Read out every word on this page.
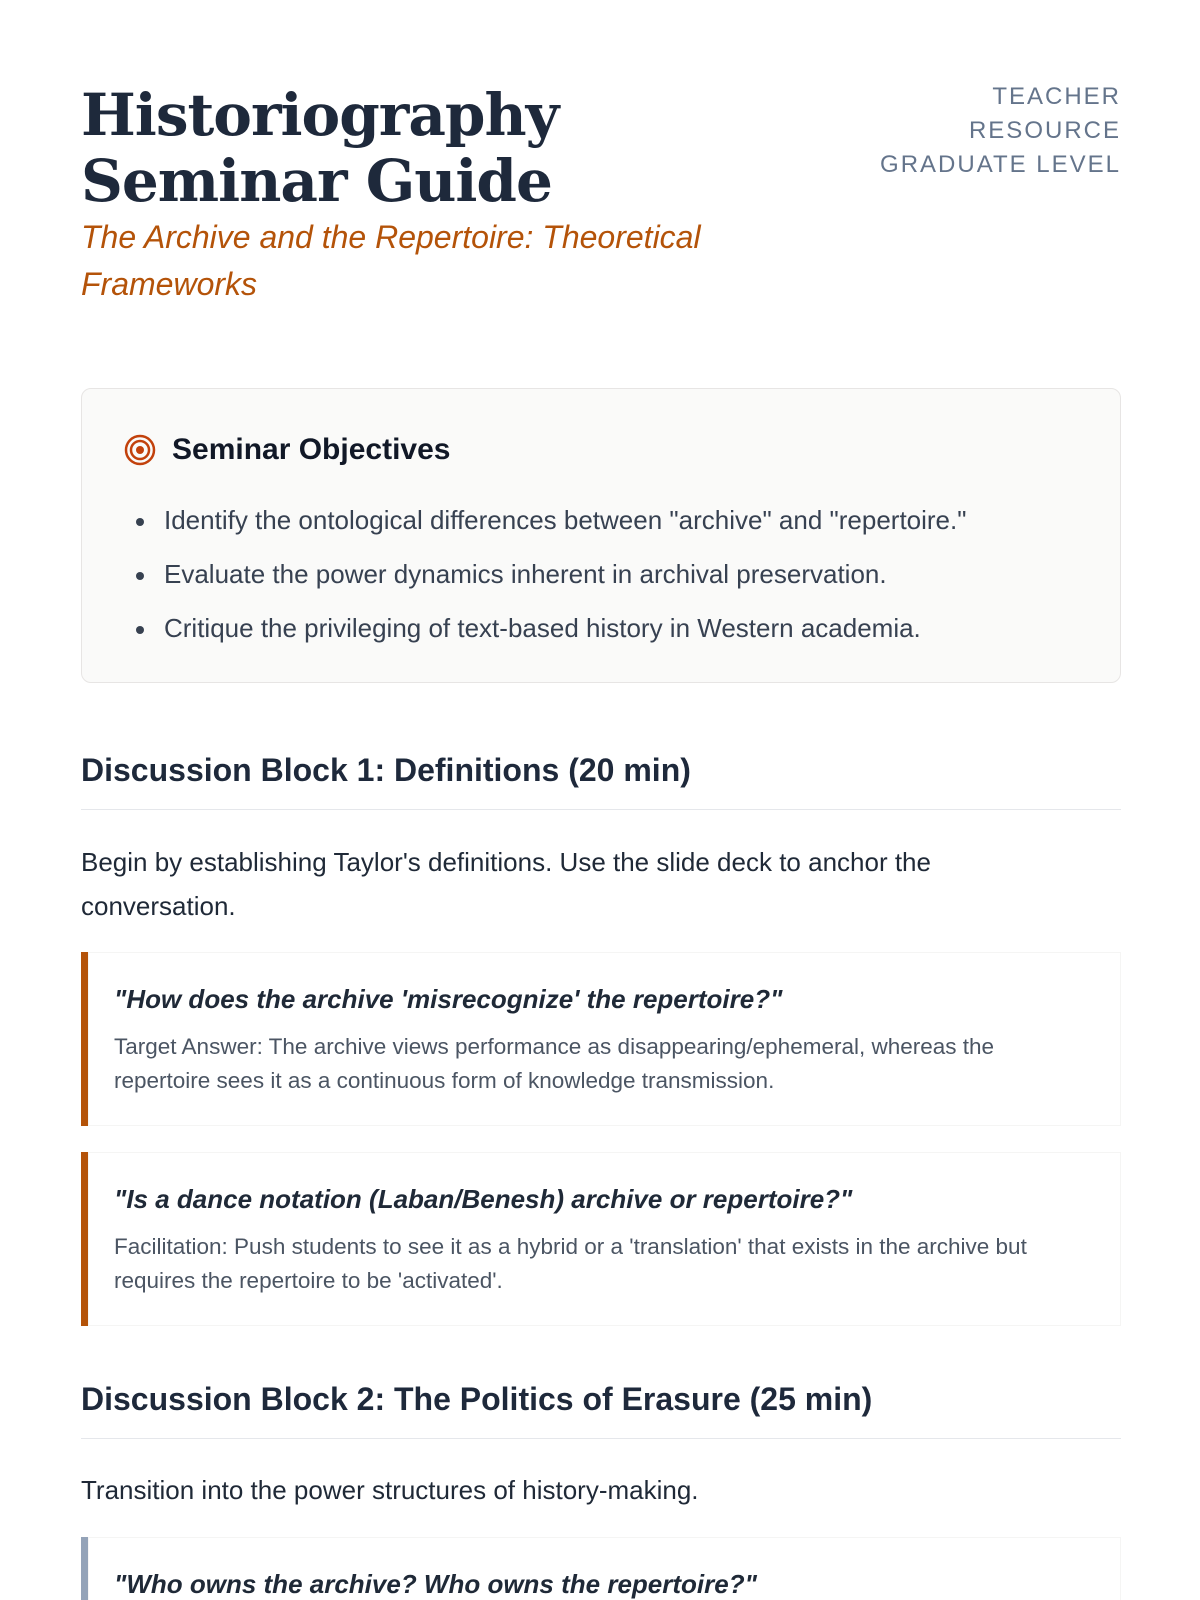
Historiography Seminar Guide
The Archive and the Repertoire: Theoretical Frameworks
TEACHER
RESOURCE
GRADUATE LEVEL
Seminar Objectives
Identify the ontological differences between "archive" and "repertoire."
Evaluate the power dynamics inherent in archival preservation.
Critique the privileging of text-based history in Western academia.
Discussion Block 1: Definitions (20 min)

Begin by establishing Taylor's definitions. Use the slide deck to anchor the conversation.

"How does the archive 'misrecognize' the repertoire?"
Target Answer: The archive views performance as disappearing/ephemeral, whereas the repertoire sees it as a continuous form of knowledge transmission.
"Is a dance notation (Laban/Benesh) archive or repertoire?"
Facilitation: Push students to see it as a hybrid or a 'translation' that exists in the archive but requires the repertoire to be 'activated'.
Discussion Block 2: The Politics of Erasure (25 min)

Transition into the power structures of history-making.

"Who owns the archive? Who owns the repertoire?"
